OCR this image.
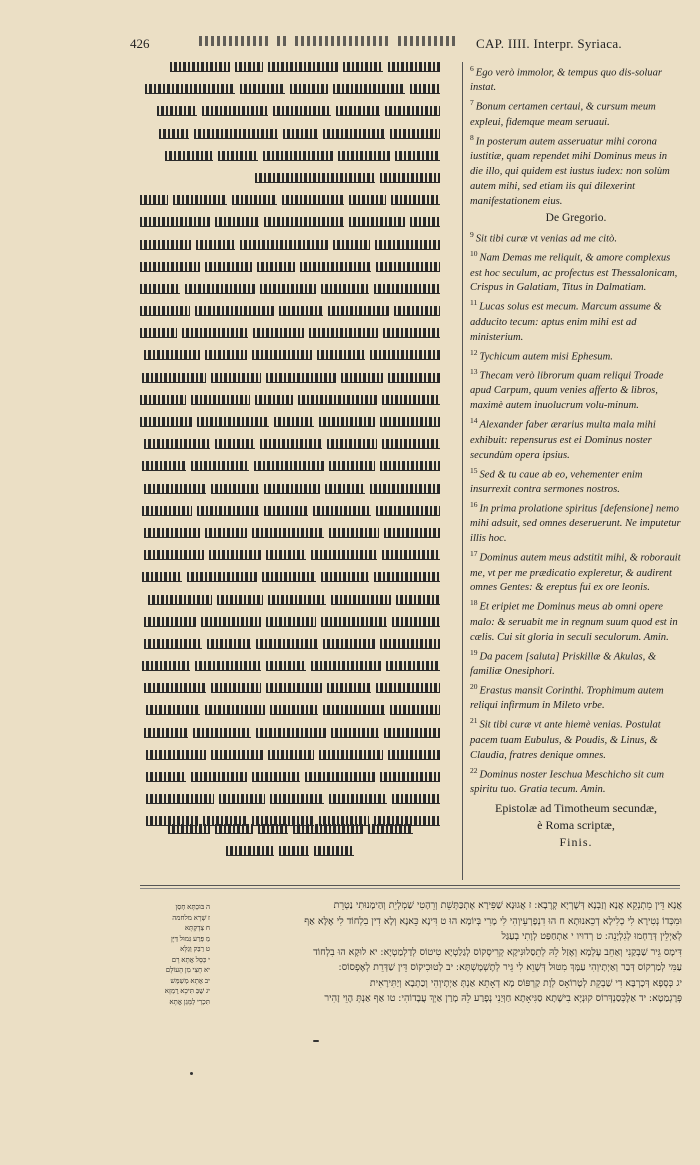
426	CAP. IIII. Interpr. Syriaca.

$^6$ Ego verò immolor, & tempus quo dis-soluar instat.

$^7$ Bonum certamen certaui, & cursum meum expleui, fidemque meam seruaui.

$^8$ In posterum autem asseruatur mihi corona iustitiæ, quam rependet mihi Dominus meus in die illo, qui quidem est iustus iudex: non solùm autem mihi, sed etiam iis qui dilexerint manifestationem eius.

De Gregorio.

$^9$ Sit tibi curæ vt venias ad me citò.

$^{10}$ Nam Demas me reliquit, & amore complexus est hoc seculum, ac profectus est Thessalonicam, Crispus in Galatiam, Titus in Dalmatiam.

$^{11}$ Lucas solus est mecum. Marcum assume & adducito tecum: aptus enim mihi est ad ministerium.

$^{12}$ Tychicum autem misi Ephesum.

$^{13}$ Thecam verò librorum quam reliqui Troade apud Carpum, quum venies afferto & libros, maximè autem inuolucrum volu-minum.

$^{14}$ Alexander faber ærarius multa mala mihi exhibuit: repensurus est ei Dominus noster secundùm opera ipsius.

$^{15}$ Sed & tu caue ab eo, vehementer enim insurrexit contra sermones nostros.

$^{16}$ In prima prolatione spiritus [defensione] nemo mihi adsuit, sed omnes deseruerunt. Ne imputetur illis hoc.

$^{17}$ Dominus autem meus adstitit mihi, & roborauit me, vt per me prædicatio expleretur, & audirent omnes Gentes: & ereptus fui ex ore leonis.

$^{18}$ Et eripiet me Dominus meus ab omni opere malo: & seruabit me in regnum suum quod est in cælis. Cui sit gloria in seculi seculorum. Amin.

$^{19}$ Da pacem [saluta] Priskillæ & Akulas, & familiæ Onesiphori.

$^{20}$ Erastus mansit Corinthi. Trophimum autem reliqui infirmum in Mileto vrbe.

$^{21}$ Sit tibi curæ vt ante hiemè venias. Postulat pacem tuam Eubulus, & Poudis, & Linus, & Claudia, fratres denique omnes.

$^{22}$ Dominus noster Ieschua Meschicho sit cum spiritu tuo. Gratia tecum. Amin.

Epistolæ ad Timotheum secundæ,
è Roma scriptæ,
Finis.
אֲנָא דֵּין מֵתְנְקֵא אֲנָא וְזַבְנָא דְּשֶׁרְיָא קְרֶבָא ׃ ז אֲגוּנָא שַׁפִּירָא אֶתְכַּתְּשֵׁת וְרֵהָטִי שַׁמְלְיֵת וְהַימָנוּתִי נַטְרֵת
וּמִכְּדוֹ נְטִירָא לִי כְלִילָא דְכֵאנוּתָא ח הוּ דִנְפָרְעֵיוְהִי לִי מָרִי בְּיוֹמָא הוּ ט דִּינָא כֵּאנָא וְלָא דִין בִלְחוֹד לִי אֶלָּא אַף
לְאַיְלֵין דְּרַחְמוּ לְגִלְיָנֵה ׃ ט רְדוּיו י אַתְחַפַּט לְוָתִי בְעַגַּל
דִּימָס גֵּיר שַׁבְקַנִי וְאַחֵב עָלְמָא וְאֶזַל לֵהּ לְתֵסַלוּנִיקָא קְרִיסְקוֹס לְגַלַטְיָא טִיטוֹס לְדַלְמַטְיָא ׃ יא לוּקָא הוּ בִלְחוֹד
עַמִּי לְמַרְקוֹס דְּבַר וְאַיְתָיוְהִי עַמָּךְ מִטּוּל דְּשָׁוֵא לִי גֵּיר לְתֶשְׁמֶשְׁתָּא ׃ יב לְטוּכִיקוֹס דֵּין שַׁדְּרֵת לְאֶפְסוֹס ׃
יג כְּסְפָא דְּכָרְבָּא דִי שַׁבְקֵת לְטָרוֹאָס לְוָת קַרְפּוֹס מָא דְאָתֵא אַנְתְּ אַיְתָיוְהִי וְכַתְבָא וְיַתִּירָאִית
פְּרָגְמַטָא ׃ יד אַלֶכְּסַנְדְּרוֹס קוּנְיָא בִישָׁתָא סַגִּיאָתָא חַוְּיַנִי נְפָרַע לֵהּ מָרַן אַיְךְ עֲבָדוֹהִי ׃ טו אַף אַנְתְּ הֶוֵי זָהִיר
ה בּוּכְתָּא חְסַן
ז שְׁרָא מלחמה
ח צְדָקְתָּא
מַ פְּרַע גִּמוּל דַּיָּן
ט רַבַּק וְגַלָּא
י כֵּסָּל אֲתָא רָם
יא חָצִי מִן הָעוֹלָם
יב אֶתָא מְשַׁמֵּשׁ
יג שֶׁבַּ תִּיכָא רֶמְזָא
תִּכְרֵי לְמָּגֵן אֱתָא
